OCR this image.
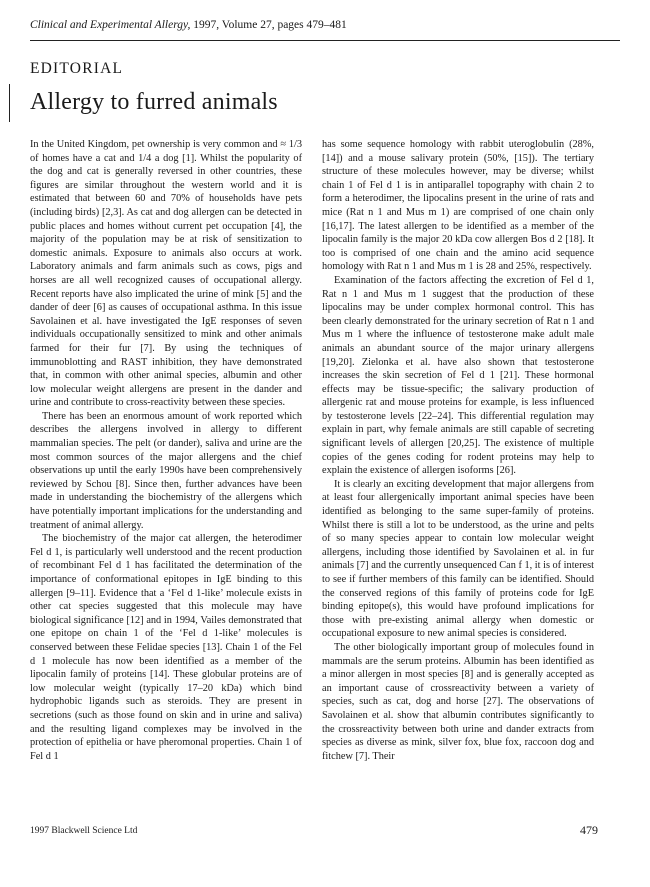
Clinical and Experimental Allergy, 1997, Volume 27, pages 479–481
EDITORIAL
Allergy to furred animals

In the United Kingdom, pet ownership is very common and ≈ 1/3 of homes have a cat and 1/4 a dog [1]. Whilst the popularity of the dog and cat is generally reversed in other countries, these figures are similar throughout the western world and it is estimated that between 60 and 70% of households have pets (including birds) [2,3]. As cat and dog allergen can be detected in public places and homes without current pet occupation [4], the majority of the population may be at risk of sensitization to domestic animals. Exposure to animals also occurs at work. Laboratory animals and farm animals such as cows, pigs and horses are all well recognized causes of occupational allergy. Recent reports have also implicated the urine of mink [5] and the dander of deer [6] as causes of occupational asthma. In this issue Savolainen et al. have investigated the IgE responses of seven individuals occupationally sensitized to mink and other animals farmed for their fur [7]. By using the techniques of immunoblotting and RAST inhibition, they have demonstrated that, in common with other animal species, albumin and other low molecular weight allergens are present in the dander and urine and contribute to cross-reactivity between these species.

There has been an enormous amount of work reported which describes the allergens involved in allergy to different mammalian species. The pelt (or dander), saliva and urine are the most common sources of the major allergens and the chief observations up until the early 1990s have been comprehensively reviewed by Schou [8]. Since then, further advances have been made in understanding the biochemistry of the allergens which have potentially important implications for the understanding and treatment of animal allergy.

The biochemistry of the major cat allergen, the heterodimer Fel d 1, is particularly well understood and the recent production of recombinant Fel d 1 has facilitated the determination of the importance of conformational epitopes in IgE binding to this allergen [9–11]. Evidence that a ‘Fel d 1-like’ molecule exists in other cat species suggested that this molecule may have biological significance [12] and in 1994, Vailes demonstrated that one epitope on chain 1 of the ‘Fel d 1-like’ molecules is conserved between these Felidae species [13]. Chain 1 of the Fel d 1 molecule has now been identified as a member of the lipocalin family of proteins [14]. These globular proteins are of low molecular weight (typically 17–20 kDa) which bind hydrophobic ligands such as steroids. They are present in secretions (such as those found on skin and in urine and saliva) and the resulting ligand complexes may be involved in the protection of epithelia or have pheromonal properties. Chain 1 of Fel d 1

has some sequence homology with rabbit uteroglobulin (28%, [14]) and a mouse salivary protein (50%, [15]). The tertiary structure of these molecules however, may be diverse; whilst chain 1 of Fel d 1 is in antiparallel topography with chain 2 to form a heterodimer, the lipocalins present in the urine of rats and mice (Rat n 1 and Mus m 1) are comprised of one chain only [16,17]. The latest allergen to be identified as a member of the lipocalin family is the major 20 kDa cow allergen Bos d 2 [18]. It too is comprised of one chain and the amino acid sequence homology with Rat n 1 and Mus m 1 is 28 and 25%, respectively.

Examination of the factors affecting the excretion of Fel d 1, Rat n 1 and Mus m 1 suggest that the production of these lipocalins may be under complex hormonal control. This has been clearly demonstrated for the urinary secretion of Rat n 1 and Mus m 1 where the influence of testosterone make adult male animals an abundant source of the major urinary allergens [19,20]. Zielonka et al. have also shown that testosterone increases the skin secretion of Fel d 1 [21]. These hormonal effects may be tissue-specific; the salivary production of allergenic rat and mouse proteins for example, is less influenced by testosterone levels [22–24]. This differential regulation may explain in part, why female animals are still capable of secreting significant levels of allergen [20,25]. The existence of multiple copies of the genes coding for rodent proteins may help to explain the existence of allergen isoforms [26].

It is clearly an exciting development that major allergens from at least four allergenically important animal species have been identified as belonging to the same super-family of proteins. Whilst there is still a lot to be understood, as the urine and pelts of so many species appear to contain low molecular weight allergens, including those identified by Savolainen et al. in fur animals [7] and the currently unsequenced Can f 1, it is of interest to see if further members of this family can be identified. Should the conserved regions of this family of proteins code for IgE binding epitope(s), this would have profound implications for those with pre-existing animal allergy when domestic or occupational exposure to new animal species is considered.

The other biologically important group of molecules found in mammals are the serum proteins. Albumin has been identified as a minor allergen in most species [8] and is generally accepted as an important cause of crossreactivity between a variety of species, such as cat, dog and horse [27]. The observations of Savolainen et al. show that albumin contributes significantly to the crossreactivity between both urine and dander extracts from species as diverse as mink, silver fox, blue fox, raccoon dog and fitchew [7]. Their

1997 Blackwell Science Ltd	479
